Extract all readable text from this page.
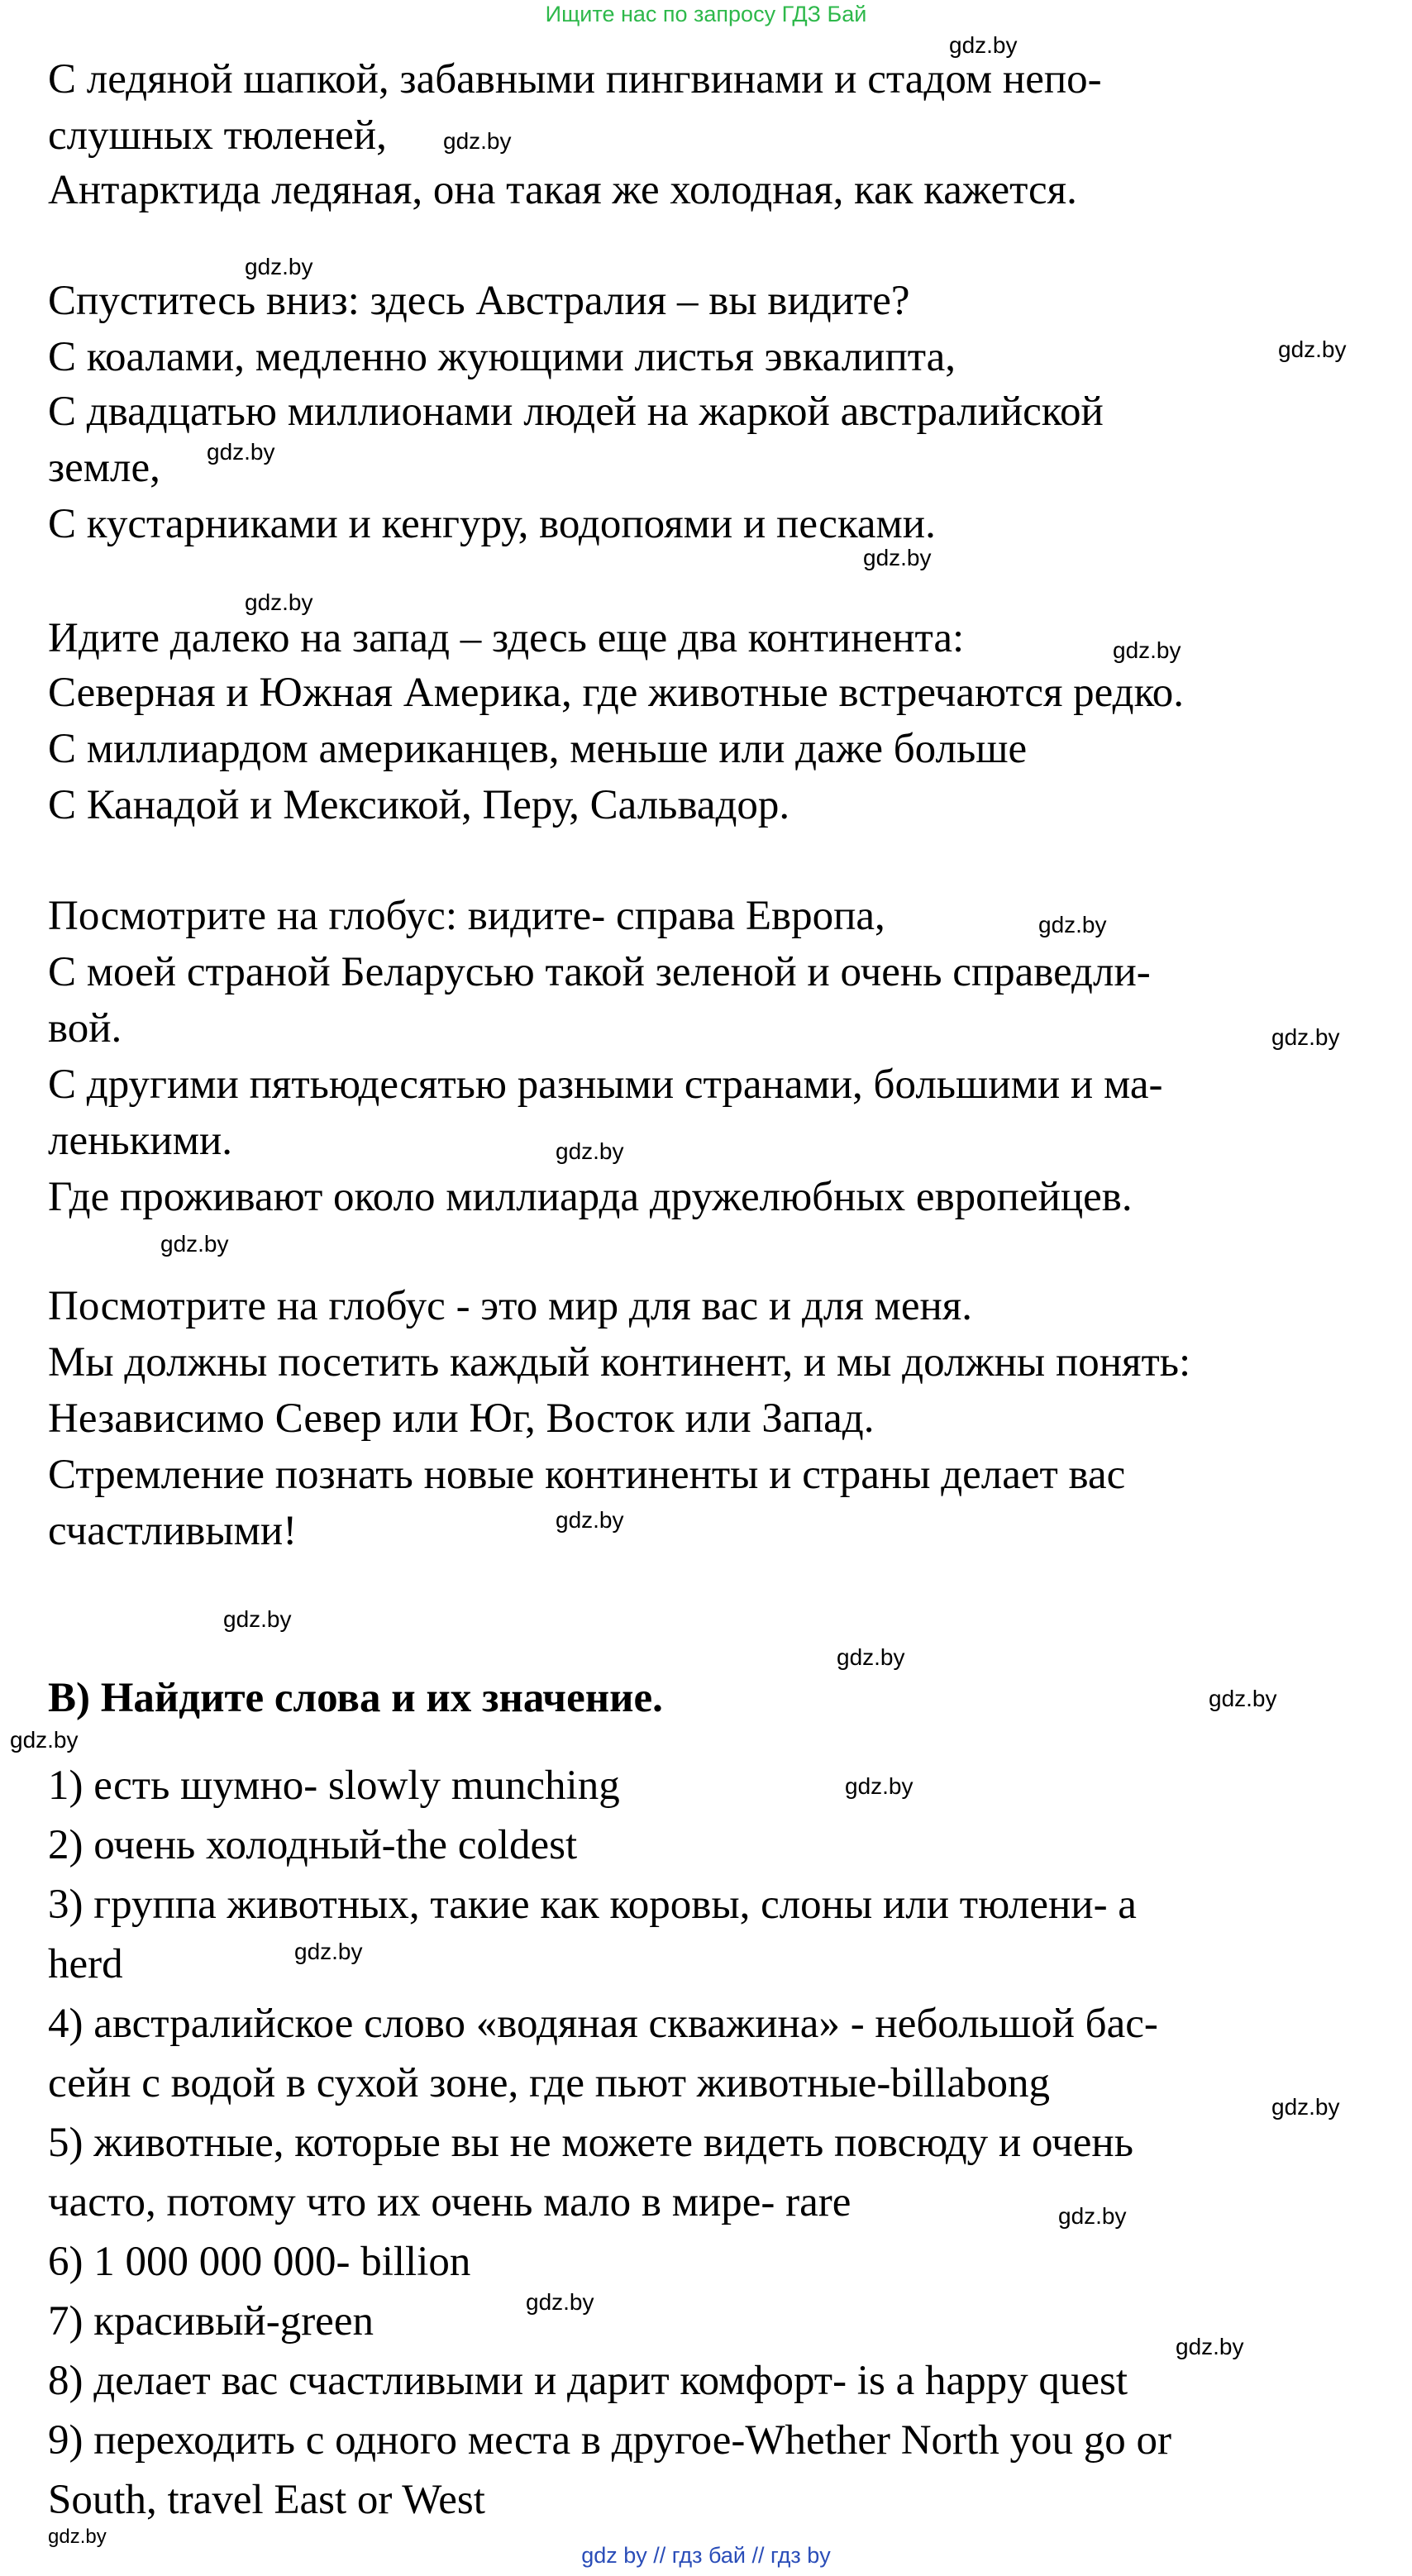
Ищите нас по запросу ГДЗ Бай
С ледяной шапкой, забавными пингвинами и стадом непо-
слушных тюленей,
Антарктида ледяная, она такая же холодная, как кажется.
Спуститесь вниз: здесь Австралия – вы видите?
С коалами, медленно жующими листья эвкалипта,
С двадцатью миллионами людей на жаркой австралийской
земле,
С кустарниками и кенгуру, водопоями и песками.
Идите далеко на запад – здесь еще два континента:
Северная и Южная Америка, где животные встречаются редко.
С миллиардом американцев, меньше или даже больше
С Канадой и Мексикой, Перу, Сальвадор.
Посмотрите на глобус: видите- справа Европа,
С моей страной Беларусью такой зеленой и очень справедли-
вой.
С другими пятьюдесятью разными странами, большими и ма-
ленькими.
Где проживают около миллиарда дружелюбных европейцев.
Посмотрите на глобус - это мир для вас и для меня.
Мы должны посетить каждый континент, и мы должны понять:
Независимо Север или Юг, Восток или Запад.
Стремление познать новые континенты и страны делает вас
счастливыми!
B) Найдите слова и их значение.
1) есть шумно- slowly munching
2) очень холодный-the coldest
3) группа животных, такие как коровы, слоны или тюлени- a
herd
4) австралийское слово «водяная скважина» - небольшой бас-
сейн с водой в сухой зоне, где пьют животные-billabong
5) животные, которые вы не можете видеть повсюду и очень
часто, потому что их очень мало в мире- rare
6) 1 000 000 000- billion
7) красивый-green
8) делает вас счастливыми и дарит комфорт- is a happy quest
9) переходить с одного места в другое-Whether North you go or
South, travel East or West
gdz.by
gdz.by
gdz.by
gdz.by
gdz.by
gdz.by
gdz.by
gdz.by
gdz.by
gdz.by
gdz.by
gdz.by
gdz.by
gdz.by
gdz.by
gdz.by
gdz.by
gdz.by
gdz.by
gdz.by
gdz.by
gdz.by
gdz.by
gdz.by
gdz by // гдз бай // гдз by
